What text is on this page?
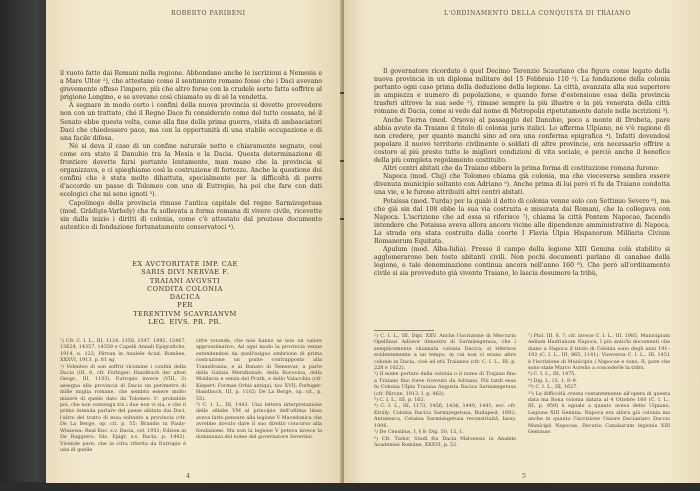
ROBERTO PARIBENI

il vuoto fatto dai Romani nella regione. Abbondano anche le iscrizioni a Nemesis e a Mare Ultor ²), che attestano come il sentimento romano fosse che i Daci avevano gravemente offeso l'impero, più che altro forse con la crudele sorte fatta soffrire al prigione Longino, e se avevano così chiamato su di sè la vendetta.

A segnare in modo certo i confini della nuova provincia si dovette provvedere non con un trattato, ché il Regno Dace fu considerato come del tutto cessato, né il Senato ebbe questa volta, come alla fine della prima guerra, visita di ambasciatori Daci che chiedessero pace, ma con la opportunità di una stabile occupazione e di una facile difesa.

Né si deva il caso di un confine naturale netto e chiaramente segnato, così come era stato il Danubio tra la Mesia e la Dacia. Questa determinazione di frontiere dovette farsi pertanto lentamente, man mano che la provincia si organizzava, e ci spieghiamo così la costruzione di fortezze. Anche la questione dei confini che è stata molto dibattuta, specialmente per la difficoltà di porre d'accordo un passo di Tolomeo con uno di Eutropio, ha poi che fare con dati ecologici che mi sono ignoti ³).

Capolinogo della provincia rimase l'antica capitale del regno Sarmizegetusa (mod. Grădişte-Varhely) che fu sollevata a forma romana di vivere civile, ricevette sin dalla inizio i diritti di colonia, come c'è attestato dal prezioso documento autentico di fondazione fortunatamente conservatoci ⁴).

EX AVCTORITATE IMP. CAE
SARIS DIVI NERVAE F.
TRAIANI AVGVSTI
CONDITA COLONIA
DACICA
PER
TERENTIVM SCAVRIANVM
LEG. EIVS. PR. PR.

¹) Cfr. C. I. L., III, 1124, 1358, 1547. 1892, 12467, 13624, 14357, 14358 e Capelli Annali Epigrafiche, 1914, n. 122; Pârvan in Analele Acad. Române, XXXVI, 1913, p. 61 sg.

²) Volenteo di son soffrir ricomine i confini della Dacia (III, 6, cfr. Forbiger: Handbuch der alten Geogr., III, 1103). Eutropio invece (VIII, 2) assegna alla provincia di Dacia un perimetro di mille miglia romane, che sembra essere molto minore di quello dato da Tolomeo. I¹. probabile poi, che non contenga tra i due non vi sia, e che il primo intenda parlare del paese abitato dai Daci, l'altro del tratto di essa soltanto a provincia (cfr. De La Berge, op. cit. p. 55; Brandis in Pauly-Wissowa: Real Enc. s.v. Dacia, col. 1951; Edison in De Ruggiero: Diz. Epigr. s.v. Dacia, p. 1442). Vivende pure, che la cifra riferita da Eutropio è una di quelle

cifre rotonde, che non hanno se non un valore approssimativo. Ad ogni modo la provincia venne estendendosi da quell'esiguo embrione di prima costruzione un ponte contrapposto alla Transilvania, e al Banato di Temesvar, a parte della Galizia Meridionale, della Bucovina, della Moldavia e senza del Pruth, e dello Valacchia (cfr. Kiepert: Formae Orbis antiqui, tav. XVII; Forbiger: Handbuch, III, p. 1102; De La Berge, op. cit., p. 55).

³) C. I. L., III, 1443. Una lettera interpretazione delle sillabe VM al principio dell'ultima linea aveva fatto pensare alla legione V Macedonica che avrebbe dovuto dare il suo diretto concorso alla fondazione. Ma non la legione V poteva invece la dominanza del nome del governatore Severino.

4
L'ORDINAMENTO DELLA CONQUISTA DI TRAIANO

Il governatore ricordato è quel Decimo Terenzio Scauriano che figura come legato della nuova provincia in un diploma militare del 15 Febbraio 110 ¹). La fondazione della colonia pertanto ogni caso prima della deduzione della legione. La città, avanzata alla sua superiore in ampiezza e numero di popolazione, e quando forse d'estensione essa della provincia trasferì altrove la sua sede ²), rimase sempre la più illustre e la più venerata della città romane di Dacia, come si vede dal nome di Metropolis ripetutamente datole nelle iscrizioni ³).

Anche Tierna (mod. Orşova) al passaggio del Danubio, poco a monte di Drobeta, pare abbia avuto da Traiano il titolo di colonia juris italici. Lo afferma Ulpiano, né v'è ragione di non credere, per quanto manchi sino ad ora una conferma epigrafica ⁴). Infatti dovendosi popolare il nuovo territorio civilmente o soldati di altre provincie, era necessario offrire a costoro al più presto tutte le migliori condizioni di vita sociale, e perciò anche il benefico della più completa regolamento costituito.

Altri centri abitati che da Traiano ebbero la prima forma di costituzione romana furono:

Napoca (mod. Cluj) che Tolomeo chiama già colonia, ma che vieceversa sembra essere divenuta municipio soltanto con Adriano ⁵). Anche prima di lui però vi fu da Traiano condotta una vie, e le furono attribuiti altri centri abitati.

Potaissa (mod. Turda) per la quale il detto di colonia venne solo con Settimio Severo ⁶), ma che già sin dal 108 ebbe la sua via costruita e misurata dai Romani, che la collegava con Napoca. L'iscrizione che ad essa si riferisce ⁷), chiama la città Pontem Napocae, facendo intendere che Potaissa aveva allora ancora vicine alle dipendenze amministrative di Napoca. La strada era stata costruita dalla coorte I Flavia Ulpia Hispanorum Milliaria Civium Romanorum Equitata.

Apulum (mod. Alba-Iulia). Presso il campo della legione XIII Gemina colà stabilito si agglomerarono ben tosto abitanti civili. Non pochi documenti parlano di canabae della legione, e tale denominazione continua ancora nell'anno 160 ⁸). Che però all'ordinamento civile si sia provveduto già vivente Traiano, lo lascia desumere la tribù,

¹) C. I. L., III, Dipl. XXV. Anche l'iscrizione di Mercurio Opellinus Adiutor dimostro di Sarmizegetusa, che i semplicemente chiamata colonia Dacica, si riferisce evidentemente a un tempo, in cui non vi erano altre colonie in Dacia, cioè ad età Traianea (cfr. C. I. L., III, p. 228 e 1022).

²) Il nome portato dalla colonia o il nome di Trajano fino a Traiano fino forse ricevuto da Adriano. Più tardi essa fu Colonia Ulpia Traiana Augusta Dacica Sarmizegetusa (cfr. Pârvan, 1913, I, p. 462).

³) C. I. L., III, p. 162.

⁴) C. I. L., III, 1173, 1456, 1436, 1440, 1441, ecc. cfr. Király: Colonia Dacica Sarmizegetusa, Budapest, 1892; Antonescu, Cetatea Sarmizegetusa reconstituită, Iassy, 1906.

⁵) De Censibus, I, § 8; Dig. 50, 15, 1.

⁶) Cfr. Tudor, Studi fra Dacia Malvensis in Analele Academiei Române, XXXVI, p. 52.

⁷) Ptol. III, 8, 7; cfr. invece C. I. L., III, 1985, Municipium Aelium Hadrianum Napoca, I più antichi documenti che diano a Napoca il titolo di Colonia sono degli anni 191–192 (C. I. L., III, 865, 1141). Viceversa C. I. L., III, 1451 è l'iscrizione di Municipiu i Napocae e sono, II, pare che sono state Marco Aurelio a concederle la tribù.

⁸) C. I. L., III, 1475.

⁹) Dig. L, 15, 1, 8–9.

¹⁰) C. I. L., III, 1627.

¹¹) Le difficoltà creata costantemente all'opera di questa data ma Bona colonia datata al 4 Ottobre 160 (C. I. L., III, p. 959) è eguale a quanto aveva detto Ulpiano, Legione XIII Gemina. Napoca era allora già colonia ma anche in quanto l'iscrizione Uniore Ducianiaro Duccio Municipii Napocae, Decurio Canabarum legionis XIII Geminae.

5
